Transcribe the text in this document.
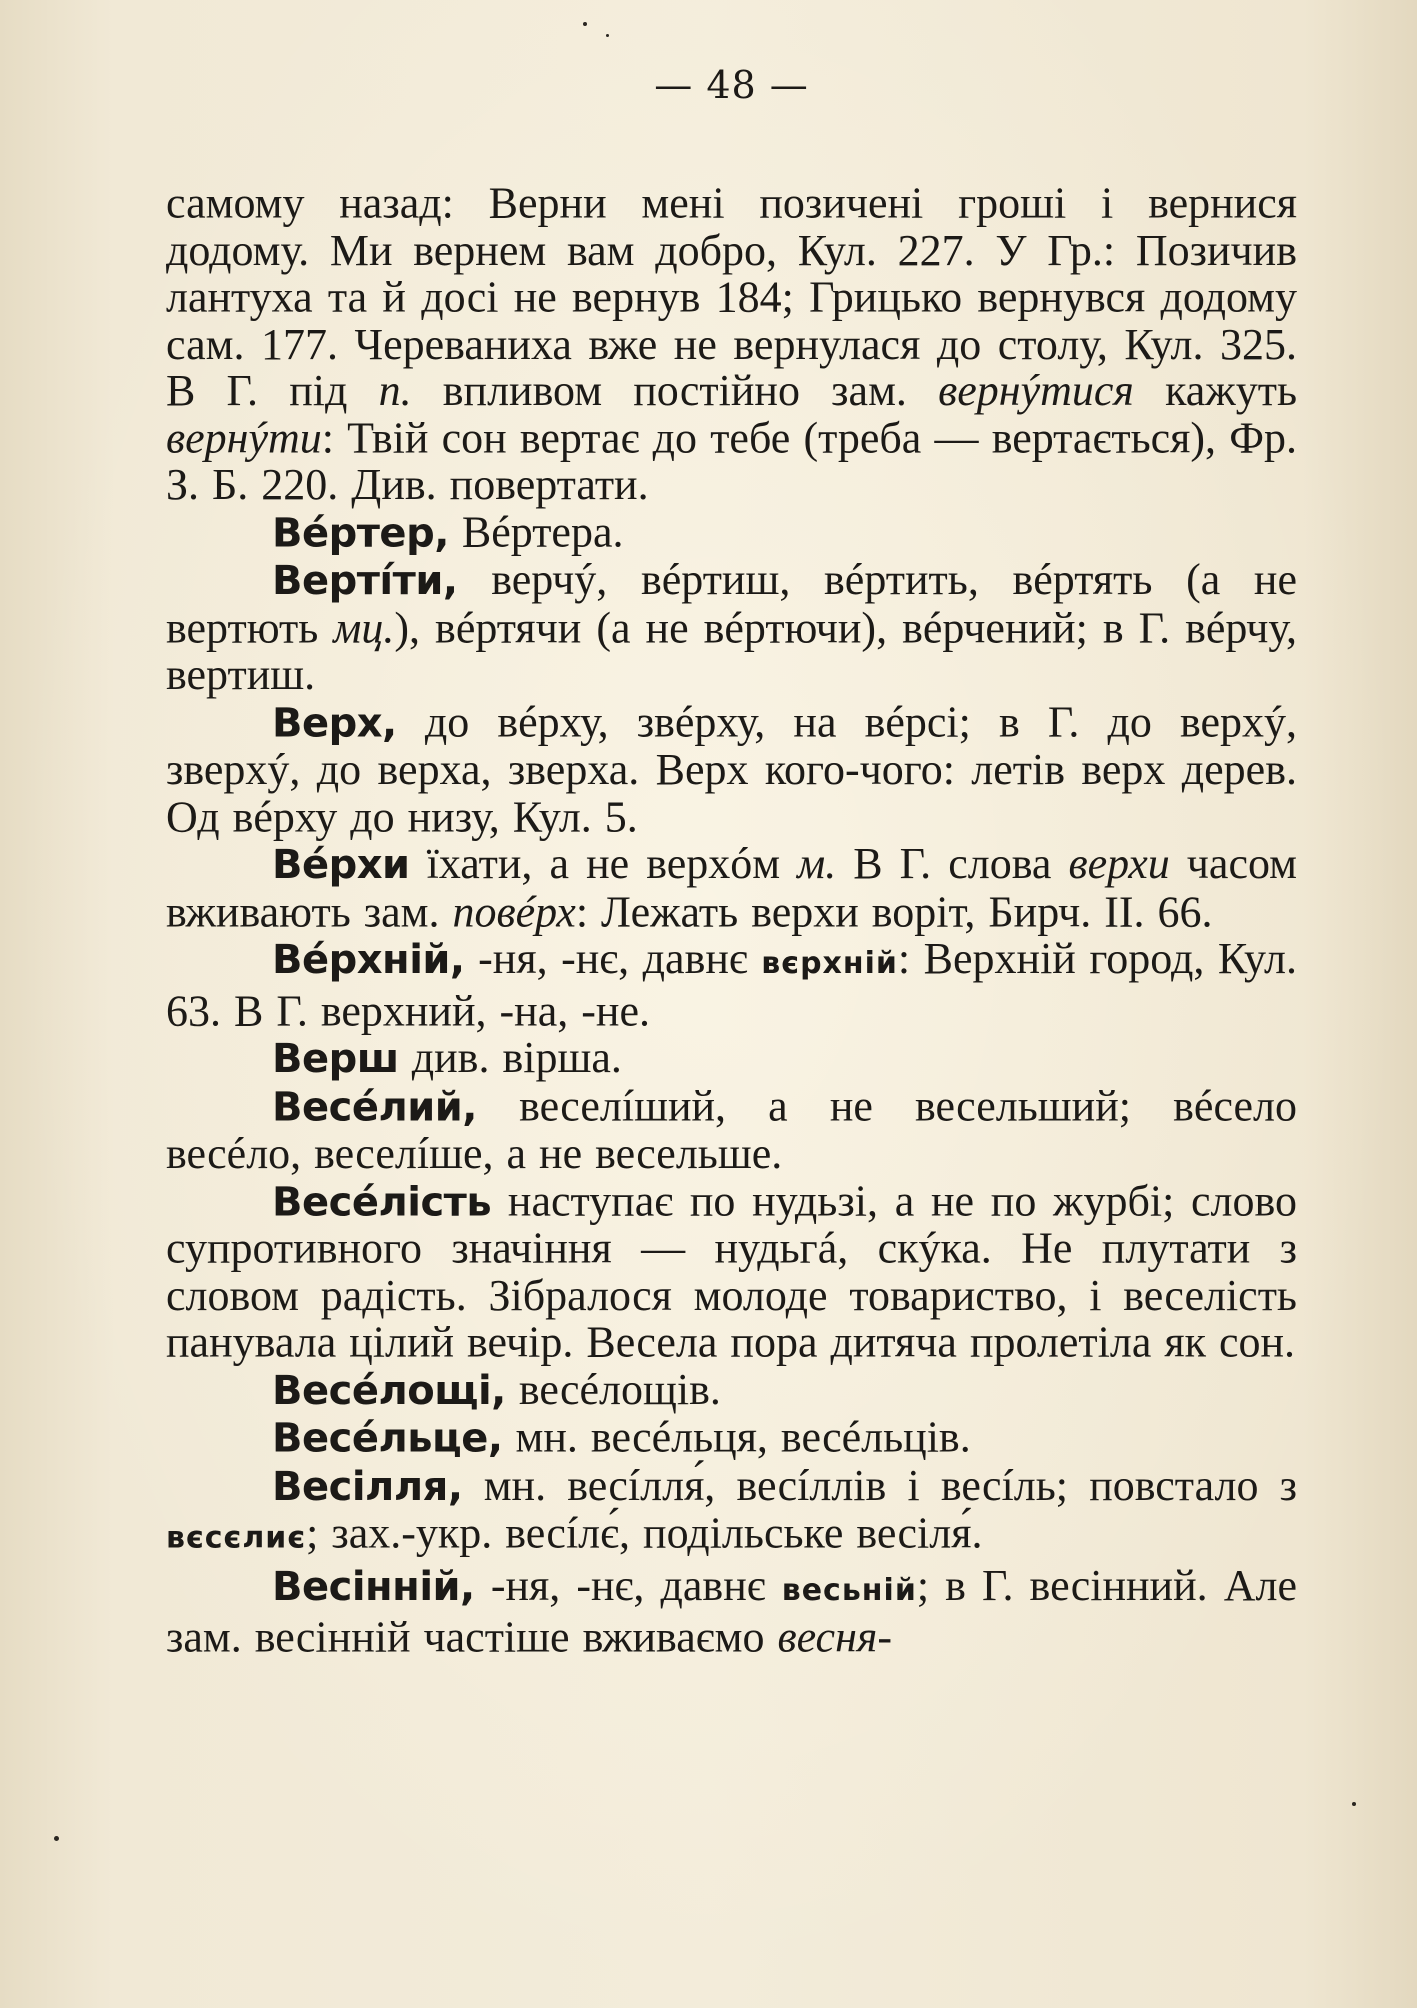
— 48 —

самому назад: Верни мені позичені гроші і вернися додому. Ми вернем вам добро, Кул. 227. У Гр.: Позичив лантуха та й досі не вернув 184; Грицько вернувся додому сам. 177. Череваниха вже не вернулася до столу, Кул. 325. В Г. під п. впливом постійно зам. вернýтися кажуть вернýти: Твій сон вертає до тебе (треба — вертається), Фр. З. Б. 220. Див. повертати.

Вéртер, Вéртера.

Вертíти, верчý, вéртиш, вéртить, вéртять (а не вертють мц.), вéртячи (а не вéртючи), вéрчений; в Г. вéрчу, вертиш.

Верх, до вéрху, звéрху, на вéрсі; в Г. до верхý, зверхý, до верха, зверха. Верх кого-чого: летів верх дерев. Од вéрху до низу, Кул. 5.

Вéрхи їхати, а не верхóм м. В Г. слова верхи часом вживають зам. повéрх: Лежать верхи воріт, Бирч. II. 66.

Вéрхній, -ня, -нє, давнє вєрхній: Верхній город, Кул. 63. В Г. верхний, -на, -не.

Верш див. вірша.

Весéлий, веселíший, а не весельший; вéсело весéло, веселíше, а не весельше.

Весéлість наступає по нудьзі, а не по журбі; слово супротивного значіння — нудьгá, скýка. Не плутати з словом радість. Зібралося молоде товариство, і веселість панувала цілий вечір. Весела пора дитяча пролетіла як сон.

Весéлощі, весéлощів.

Весéльце, мн. весéльця, весéльців.

Весілля, мн. весíлля́, весíллів і весíль; повстало з вєсєлиє; зах.-укр. весíлє́, подільське весіля́.

Весінній, -ня, -нє, давнє весьній; в Г. весінний. Але зам. весінній частіше вживаємо весня-
